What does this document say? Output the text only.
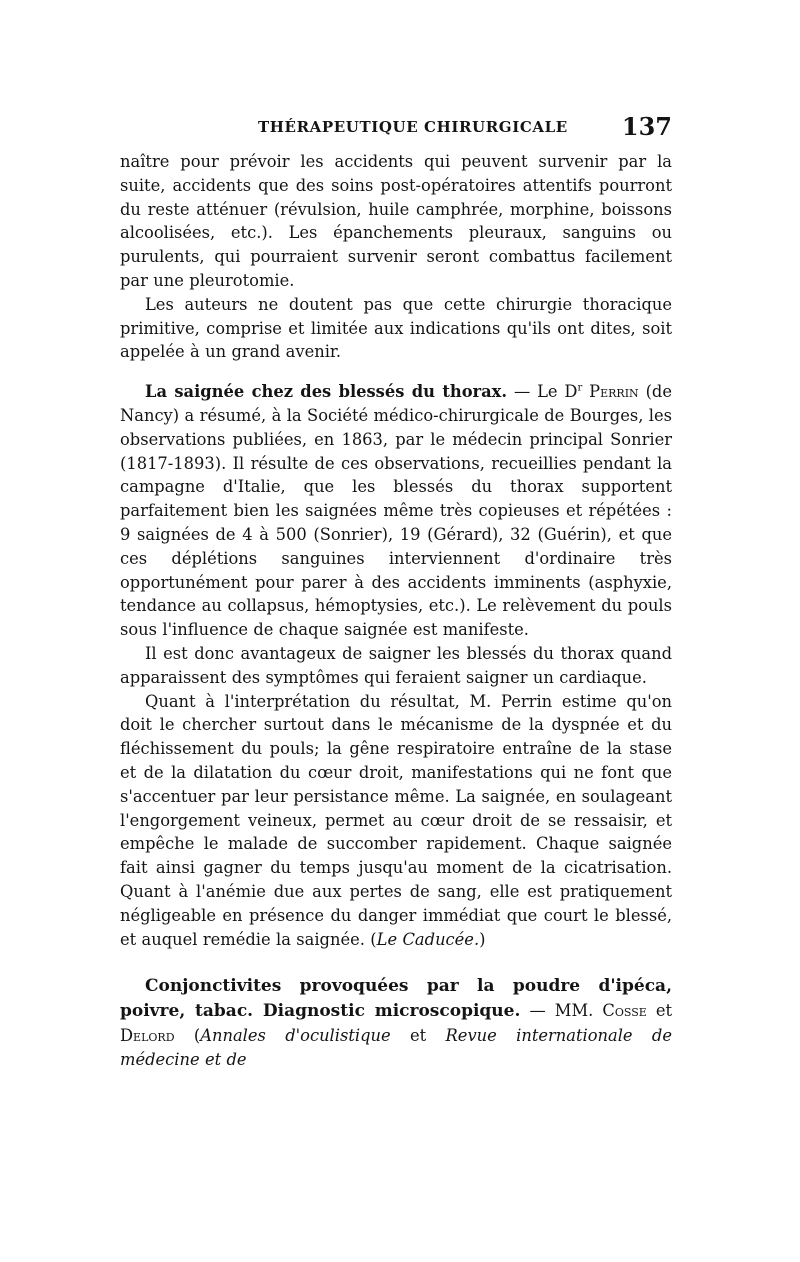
THÉRAPEUTIQUE CHIRURGICALE 137

naître pour prévoir les accidents qui peuvent survenir par la suite, accidents que des soins post-opératoires attentifs pourront du reste atténuer (révulsion, huile camphrée, morphine, boissons alcoolisées, etc.). Les épanchements pleuraux, sanguins ou purulents, qui pourraient survenir seront combattus facilement par une pleurotomie.

Les auteurs ne doutent pas que cette chirurgie thoracique primitive, comprise et limitée aux indications qu'ils ont dites, soit appelée à un grand avenir.

La saignée chez des blessés du thorax. — Le $D^r$ Perrin (de Nancy) a résumé, à la Société médico-chirurgicale de Bourges, les observations publiées, en 1863, par le médecin principal Sonrier (1817-1893). Il résulte de ces observations, recueillies pendant la campagne d'Italie, que les blessés du thorax supportent parfaitement bien les saignées même très copieuses et répétées : 9 saignées de 4 à 500 (Sonrier), 19 (Gérard), 32 (Guérin), et que ces déplétions sanguines interviennent d'ordinaire très opportunément pour parer à des accidents imminents (asphyxie, tendance au collapsus, hémoptysies, etc.). Le relèvement du pouls sous l'influence de chaque saignée est manifeste.

Il est donc avantageux de saigner les blessés du thorax quand apparaissent des symptômes qui feraient saigner un cardiaque.

Quant à l'interprétation du résultat, M. Perrin estime qu'on doit le chercher surtout dans le mécanisme de la dyspnée et du fléchissement du pouls; la gêne respiratoire entraîne de la stase et de la dilatation du cœur droit, manifestations qui ne font que s'accentuer par leur persistance même. La saignée, en soulageant l'engorgement veineux, permet au cœur droit de se ressaisir, et empêche le malade de succomber rapidement. Chaque saignée fait ainsi gagner du temps jusqu'au moment de la cicatrisation. Quant à l'anémie due aux pertes de sang, elle est pratiquement négligeable en présence du danger immédiat que court le blessé, et auquel remédie la saignée. (Le Caducée.)

Conjonctivites provoquées par la poudre d'ipéca, poivre, tabac. Diagnostic microscopique. — MM. Cosse et Delord (Annales d'oculistique et Revue internationale de médecine et de
